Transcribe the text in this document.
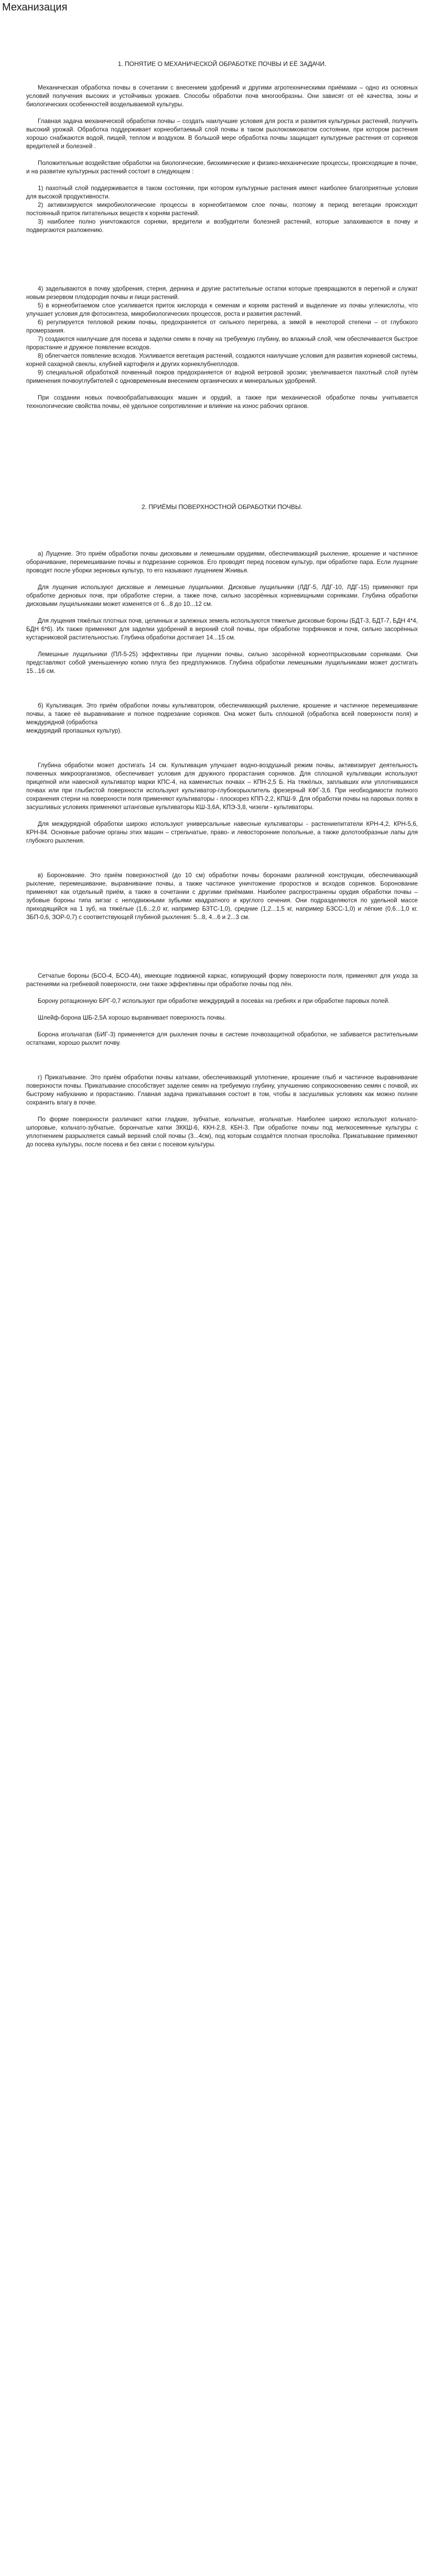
Механизация
1. ПОНЯТИЕ О МЕХАНИЧЕСКОЙ ОБРАБОТКЕ ПОЧВЫ И ЕЁ ЗАДАЧИ.

Механическая обработка почвы в сочетании с внесением удобрений и другими агротехническими приёмами – одно из основных условий получения высоких и устойчивых урожаев. Способы обработки почв многообразны. Они зависят от её качества, зоны и биологических особенностей возделываемой культуры.

Главная задача механической обработки почвы – создать наилучшие условия для роста и развития культурных растений, получить высокий урожай. Обработка поддерживает корнеобитаемый слой почвы в таком рыхлокомковатом состоянии, при котором растения хорошо снабжаются водой, пищей, теплом и воздухом. В большой мере обработка почвы защищает культурные растения от сорняков вредителей и болезней .

Положительные воздействие обработки на биологические, биохимические и физико-механические процессы, происходящие в почве, и на развитие культурных растений состоит в следующем :

1) пахотный слой поддерживается в таком состоянии, при котором культурные растения имеют наиболее благоприятные условия для высокой продуктивности.

2) активизируются микробиологические процессы в корнеобитаемом слое почвы, поэтому в период вегетации происходит постоянный приток питательных веществ к корням растений.

3) наиболее полно уничтожаются сорняки, вредители и возбудители болезней растений, которые запахиваются в почву и подвергаются разложению.

4) заделываются в почву удобрения, стерня, дернина и другие растительные остатки которые превращаются в перегной и служат новым резервом плодородия почвы и пищи растений.

5) в корнеобитаемом слое усиливается приток кислорода к семенам и корням растений и выделение из почвы углекислоты, что улучшает условия для фотосинтеза, микробиологических процессов, роста и развития растений.

6) регулируется тепловой режим почвы, предохраняется от сильного перегрева, а зимой в некоторой степени – от глубокого промерзания.

7) создаются наилучшие для посева и заделки семян в почву на требуемую глубину, во влажный слой, чем обеспечивается быстрое прорастание и дружное появление всходов.

8) облегчается появление всходов. Усиливается вегетация растений, создаются наилучшие условия для развития корневой системы, корней сахарной свеклы, клубней картофеля и других корнеклубнеплодов.

9) специальной обработкой почвенный покров предохраняется от водной ветровой эрозии; увеличивается пахотный слой путём применения почвоуглубителей с одновременным внесением органических и минеральных удобрений.

При создании новых почвообрабатывающих машин и орудий, а также при механической обработке почвы учитывается технологические свойства почвы, её удельное сопротивление и влияние на износ рабочих органов.

2. ПРИЁМЫ ПОВЕРХНОСТНОЙ ОБРАБОТКИ ПОЧВЫ.

а) Лущение. Это приём обработки почвы дисковыми и лемешными орудиями, обеспечивающий рыхление, крошение и частичное оборачивание, перемешивание почвы и подрезание сорняков. Его проводят перед посевом культур, при обработке пара. Если лущение проводят после уборки зерновых культур, то его называют лущением Жнивья.

Для лущения используют дисковые и лемешные лущильники. Дисковые лущильники (ЛДГ-5, ЛДГ-10, ЛДГ-15) применяют при обработке дерновых почв, при обработке стерни, а также почв, сильно засорённых корневищными сорняками. Глубина обработки дисковыми лущильниками может изменятся от 6...8 до 10...12 см.

Для лущения тяжёлых плотных почв, целинных и залежных земель используются тяжелые дисковые бороны (БДТ-3, БДТ-7, БДН 4*4, БДН 6*6). Их также применяют для заделки удобрений в верхний слой почвы, при обработке торфяников и почв, сильно засорённых кустарниковой растительностью. Глубина обработки достигает 14...15 см.

Лемешные лущильники (ПЛ-5-25) эффективны при лущении почвы, сильно засорённой корнеотпрысковыми сорняками. Они представляют собой уменьшенную копию плуга без предплужников. Глубина обработки лемешными лущильниками может достигать 15...16 см.

б) Культивация. Это приём обработки почвы культиватором, обеспечивающий рыхление, крошение и частичное перемешивание почвы, а также её выравнивание и полное подрезание сорняков. Она может быть сплошной (обработка всей поверхности поля) и междурядной (обработка

междурядий пропашных культур).

Глубина обработки может достигать 14 см. Культивация улучшает водно-воздушный режим почвы, активизирует деятельность почвенных микроорганизмов, обеспечивает условия для дружного прорастания сорняков. Для сплошной культивации используют прицепной или навесной культиватор марки КПС-4, на каменистых почвах – КПН-2,5 Б. На тяжёлых, заплывших или уплотнившихся почвах или при глыбистой поверхности используют культиватор-глубокорыхлитель фрезерный КФГ-3,6. При необходимости полного сохранения стерни на поверхности поля применяют культиваторы - плоскорез КПП-2,2, КПШ-9. Для обработки почвы на паровых полях в засушливых условиях применяют штанговые культиваторы КШ-3,6А, КПЭ-3,8, чизели - культиваторы.

Для междурядной обработки широко используют универсальные навесные культиваторы - растениепитатели КРН-4,2, КРН-5,6, КРН-84. Основные рабочие органы этих машин – стрельчатые, право- и левосторонние полольные, а также долотообразные лапы для глубокого рыхления.

в) Боронование. Это приём поверхностной (до 10 см) обработки почвы боронами различной конструкции, обеспечивающий рыхление, перемешивание, выравнивание почвы, а также частичное уничтожение проростков и всходов сорняков. Боронование применяют как отдельный приём, а также в сочетании с другими приёмами. Наиболее распространены орудия обработки почвы – зубовые бороны типа зигзаг с неподвижными зубьями квадратного и круглого сечения. Они подразделяются по удельной массе приходящийся на 1 зуб, на тяжёлые (1,6...2,0 кг, например БЗТС-1,0), средние (1,2...1,5 кг, например БЗСС-1,0) и лёгкие (0,6...1,0 кг. ЗБП-0,6, ЗОР-0,7) с соответствующей глубиной рыхления: 5...8, 4...6 и 2...3 см.

Сетчатые бороны (БСО-4, БСО-4А), имеющие подвижной каркас, копирующий форму поверхности поля, применяют для ухода за растениями на гребневой поверхности, они также эффективны при обработке почвы под лён.

Борону ротационную БРГ-0,7 используют при обработке междурядий в посевах на гребнях и при обработке паровых полей.

Шлейф-борона ШБ-2,5А хорошо выравнивает поверхность почвы.

Борона игольчатая (БИГ-3) применяется для рыхления почвы в системе почвозащитной обработки, не забивается растительными остатками, хорошо рыхлит почву.

г) Прикатывание. Это приём обработки почвы катками, обеспечивающий уплотнение, крошение глыб и частичное выравнивание поверхности почвы. Прикатывание способствует заделке семян на требуемую глубину, улучшению соприкосновению семян с почвой, их быстрому набуханию и прорастанию. Главная задача прикатывания состоит в том, чтобы в засушливых условиях как можно полнее сохранить влагу в почве.

По форме поверхности различают катки гладкие, зубчатые, кольчатые, игольчатые. Наиболее широко используют кольчато-шпоровые, кольчато-зубчатые, борончатые катки ЗККШ-6, ККН-2,8, КБН-3. При обработке почвы под мелкосемянные культуры с уплотнением разрыхляется самый верхний слой почвы (3...4см), под которым создаётся плотная прослойка. Прикатывание применяют до посева культуры, после посева и без связи с посевом культуры.
